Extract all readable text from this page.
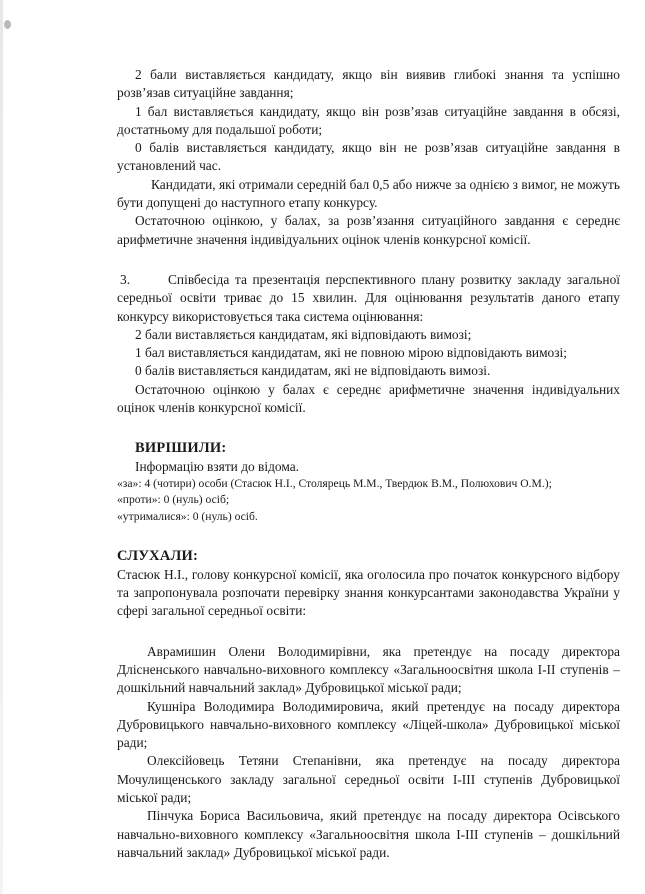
2 бали виставляється кандидату, якщо він виявив глибокі знання та успішно розв’язав ситуаційне завдання;

1 бал виставляється кандидату, якщо він розв’язав ситуаційне завдання в обсязі, достатньому для подальшої роботи;

0 балів виставляється кандидату, якщо він не розв’язав ситуаційне завдання в установлений час.

Кандидати, які отримали середній бал 0,5 або нижче за однією з вимог, не можуть бути допущені до наступного етапу конкурсу.

Остаточною оцінкою, у балах, за розв’язання ситуаційного завдання є середнє арифметичне значення індивідуальних оцінок членів конкурсної комісії.

3.	Співбесіда та презентація перспективного плану розвитку закладу загальної середньої освіти триває до 15 хвилин. Для оцінювання результатів даного етапу конкурсу використовується така система оцінювання:

2 бали виставляється кандидатам, які відповідають вимозі;

1 бал виставляється кандидатам, які не повною мірою відповідають вимозі;

0 балів виставляється кандидатам, які не відповідають вимозі.

Остаточною оцінкою у балах є середнє арифметичне значення індивідуальних оцінок членів конкурсної комісії.

ВИРІШИЛИ:

Інформацію взяти до відома.

«за»: 4 (чотири) особи (Стасюк Н.І., Столярець М.М., Твердюк В.М., Полюхович О.М.);

«проти»: 0 (нуль) осіб;

«утрималися»: 0 (нуль) осіб.

СЛУХАЛИ:

Стасюк Н.І., голову конкурсної комісії, яка оголосила про початок конкурсного відбору та запропонувала розпочати перевірку знання конкурсантами законодавства України у сфері загальної середньої освіти:

Аврамишин Олени Володимирівни, яка претендує на посаду директора Длісненського навчально-виховного комплексу «Загальноосвітня школа І-ІІ ступенів – дошкільний навчальний заклад» Дубровицької міської ради;

Кушніра Володимира Володимировича, який претендує на посаду директора Дубровицького навчально-виховного комплексу «Ліцей-школа» Дубровицької міської ради;

Олексійовець Тетяни Степанівни, яка претендує на посаду директора Мочулищенського закладу загальної середньої освіти І-ІІІ ступенів Дубровицької міської ради;

Пінчука Бориса Васильовича, який претендує на посаду директора Осівського навчально-виховного комплексу «Загальноосвітня школа І-ІІІ ступенів – дошкільний навчальний заклад» Дубровицької міської ради.
